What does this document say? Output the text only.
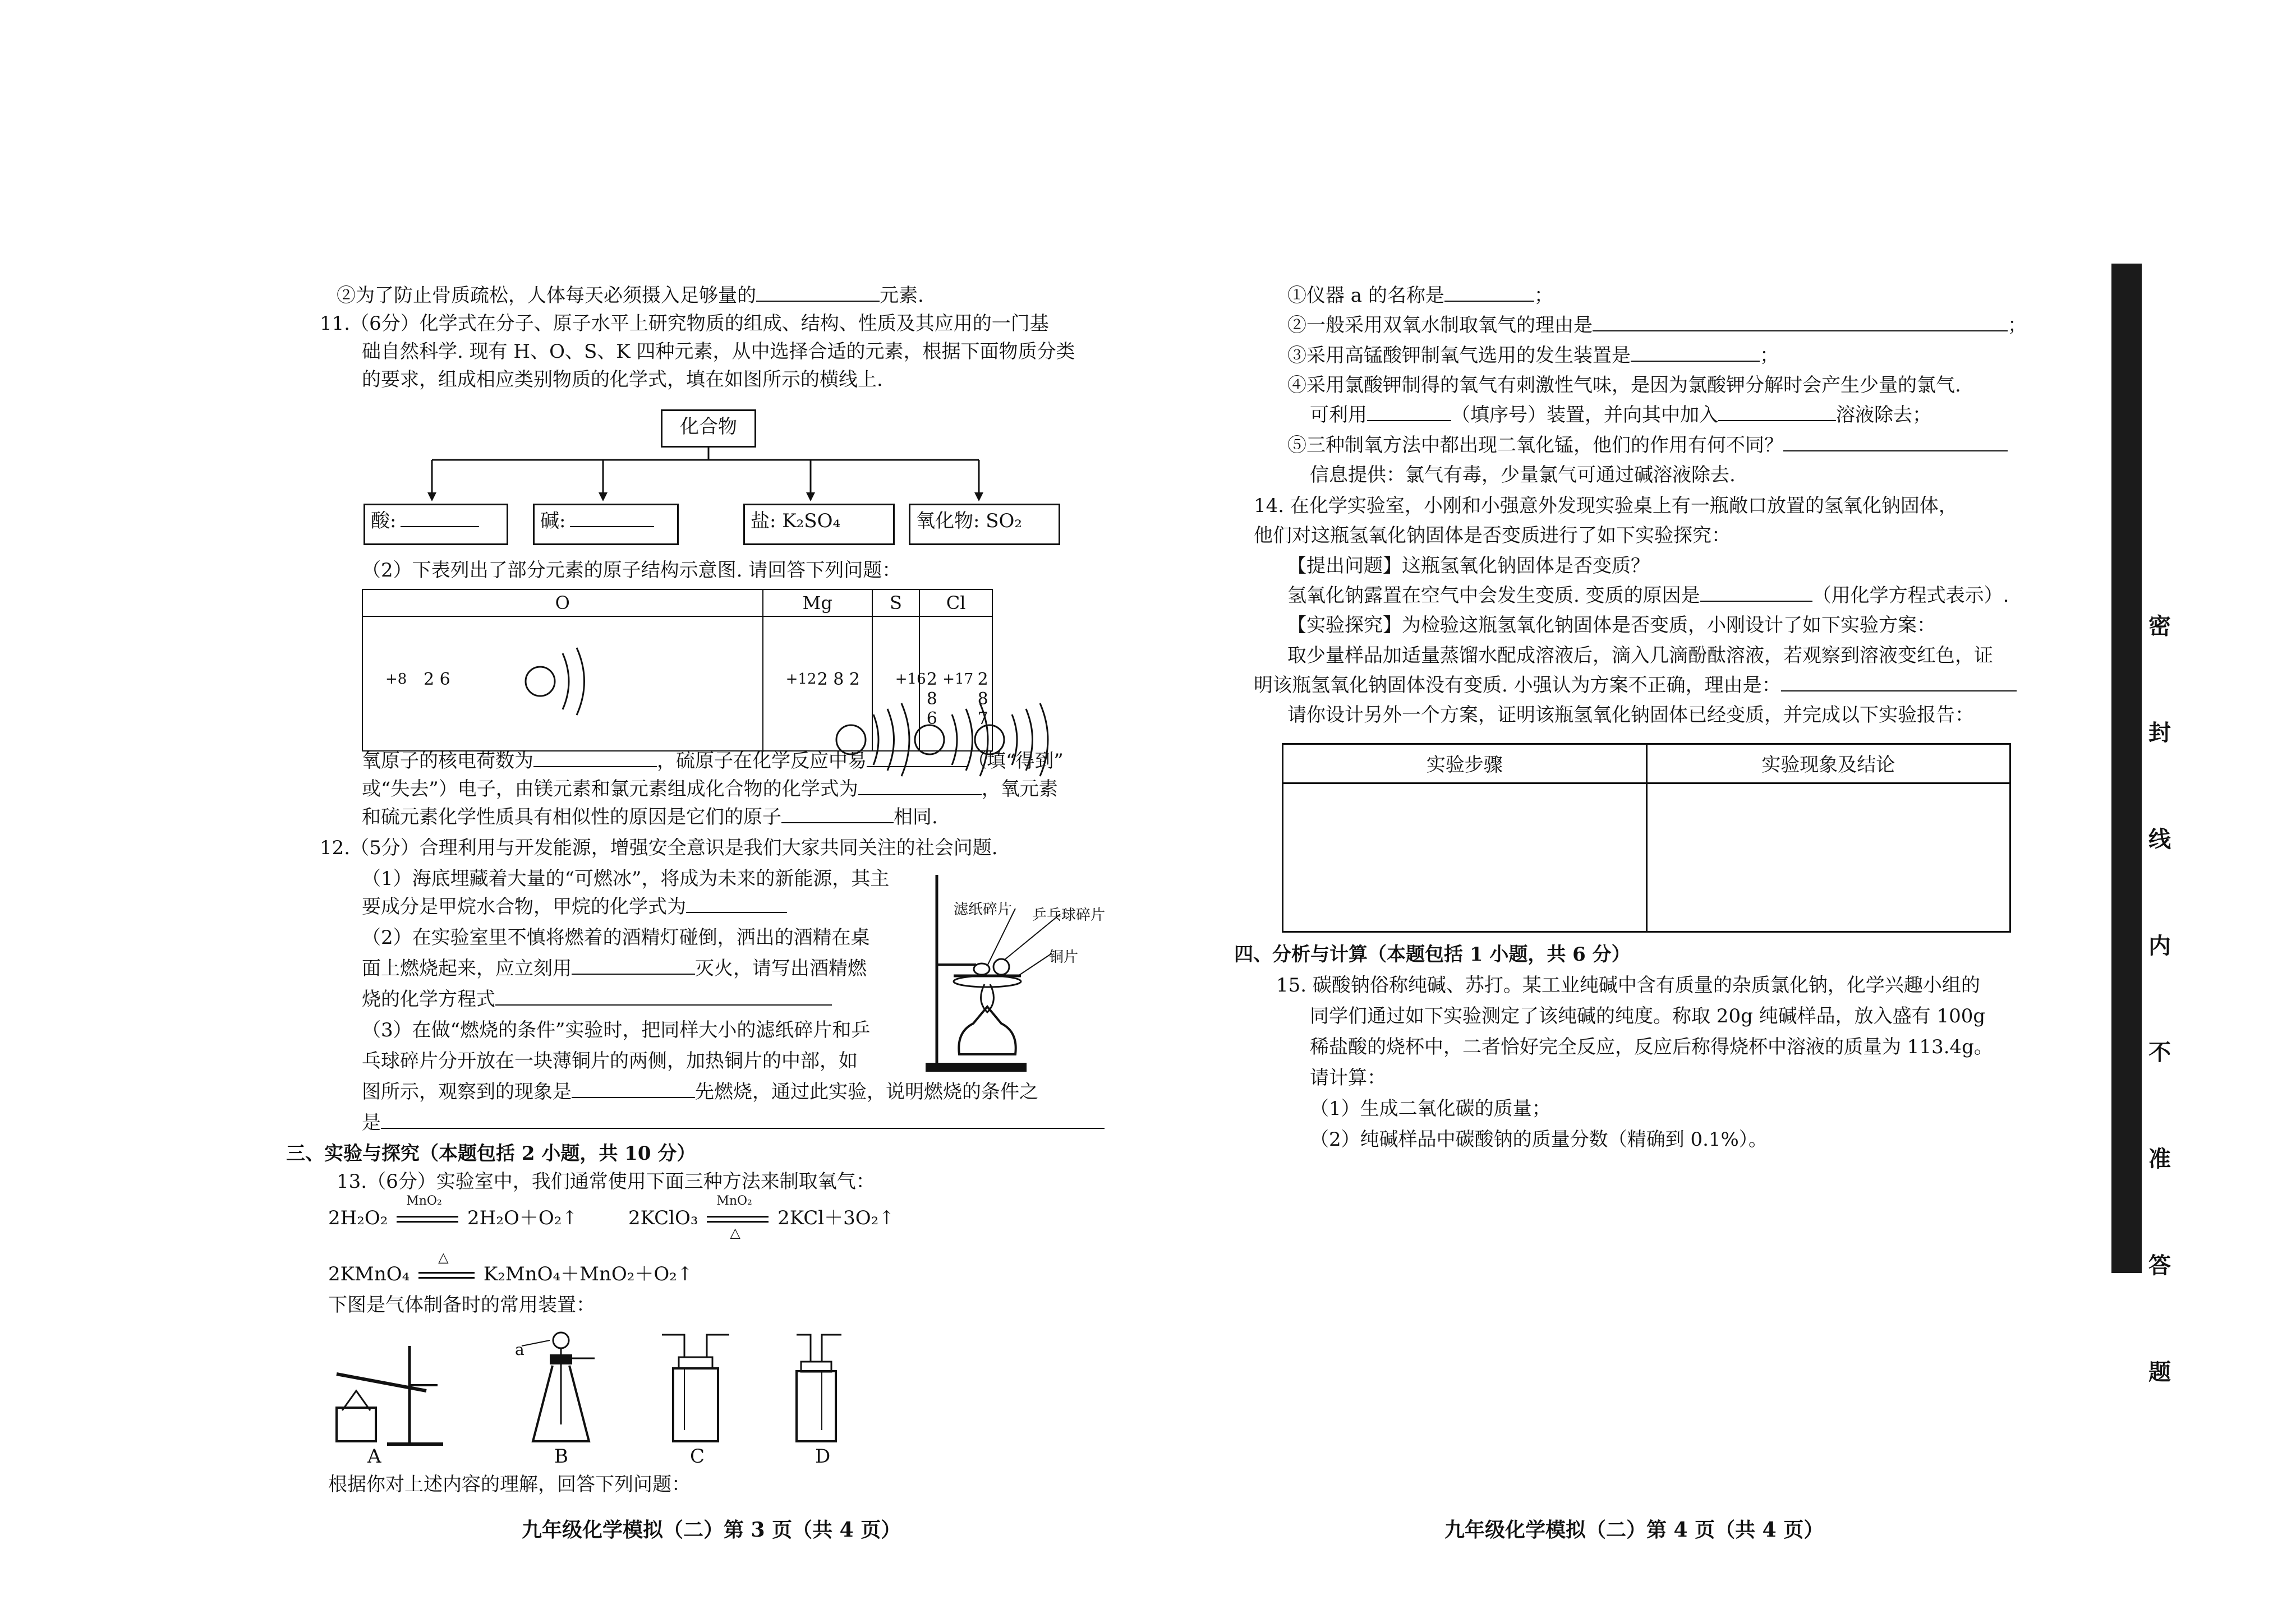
②为了防止骨质疏松，人体每天必须摄入足够量的	元素.
11.（6分）化学式在分子、原子水平上研究物质的组成、结构、性质及其应用的一门基
础自然科学. 现有 H、O、S、K 四种元素，从中选择合适的元素，根据下面物质分类
的要求，组成相应类别物质的化学式，填在如图所示的横线上.
化合物
酸:	碱:	盐: K₂SO₄	氧化物: SO₂
（2）下表列出了部分元素的原子结构示意图. 请回答下列问题：
O	Mg	S	Cl

+8 2 6	+12 2 8 2	+16 2 8 6	+17 2 8 7
氧原子的核电荷数为	，硫原子在化学反应中易	（填“得到”
或“失去”）电子，由镁元素和氯元素组成化合物的化学式为	，氧元素
和硫元素化学性质具有相似性的原因是它们的原子	相同.
12.（5分）合理利用与开发能源，增强安全意识是我们大家共同关注的社会问题.
（1）海底埋藏着大量的“可燃冰”，将成为未来的新能源，其主
要成分是甲烷水合物，甲烷的化学式为
（2）在实验室里不慎将燃着的酒精灯碰倒，洒出的酒精在桌
面上燃烧起来，应立刻用	灭火，请写出酒精燃
烧的化学方程式
（3）在做“燃烧的条件”实验时，把同样大小的滤纸碎片和乒
乓球碎片分开放在一块薄铜片的两侧，加热铜片的中部，如
图所示，观察到的现象是	先燃烧，通过此实验，说明燃烧的条件之
是
滤纸碎片 乒乓球碎片
铜片
三、实验与探究（本题包括 2 小题，共 10 分）
13.（6分）实验室中，我们通常使用下面三种方法来制取氧气：
2H₂O₂
MnO₂
2H₂O＋O₂↑	2KClO₃
MnO₂
△
2KCl＋3O₂↑
2KMnO₄
△
K₂MnO₄＋MnO₂＋O₂↑
下图是气体制备时的常用装置：
a
A	B	C	D
根据你对上述内容的理解，回答下列问题：
九年级化学模拟（二）第 3 页（共 4 页）
①仪器 a 的名称是	；
②一般采用双氧水制取氧气的理由是	；
③采用高锰酸钾制氧气选用的发生装置是	；
④采用氯酸钾制得的氧气有刺激性气味，是因为氯酸钾分解时会产生少量的氯气.
可利用	（填序号）装置，并向其中加入	溶液除去；
⑤三种制氧方法中都出现二氧化锰，他们的作用有何不同？
信息提供：氯气有毒，少量氯气可通过碱溶液除去.
14. 在化学实验室，小刚和小强意外发现实验桌上有一瓶敞口放置的氢氧化钠固体，
他们对这瓶氢氧化钠固体是否变质进行了如下实验探究：
【提出问题】这瓶氢氧化钠固体是否变质？
氢氧化钠露置在空气中会发生变质. 变质的原因是	（用化学方程式表示）.
【实验探究】为检验这瓶氢氧化钠固体是否变质，小刚设计了如下实验方案：
取少量样品加适量蒸馏水配成溶液后，滴入几滴酚酞溶液，若观察到溶液变红色，证
明该瓶氢氧化钠固体没有变质. 小强认为方案不正确，理由是：
请你设计另外一个方案，证明该瓶氢氧化钠固体已经变质，并完成以下实验报告：
实验步骤	实验现象及结论

四、分析与计算（本题包括 1 小题，共 6 分）
15. 碳酸钠俗称纯碱、苏打。某工业纯碱中含有质量的杂质氯化钠，化学兴趣小组的
同学们通过如下实验测定了该纯碱的纯度。称取 20g 纯碱样品，放入盛有 100g
稀盐酸的烧杯中，二者恰好完全反应，反应后称得烧杯中溶液的质量为 113.4g。
请计算：
（1）生成二氧化碳的质量；
（2）纯碱样品中碳酸钠的质量分数（精确到 0.1%）。
九年级化学模拟（二）第 4 页（共 4 页）
密
封
线
内
不
准
答
题
